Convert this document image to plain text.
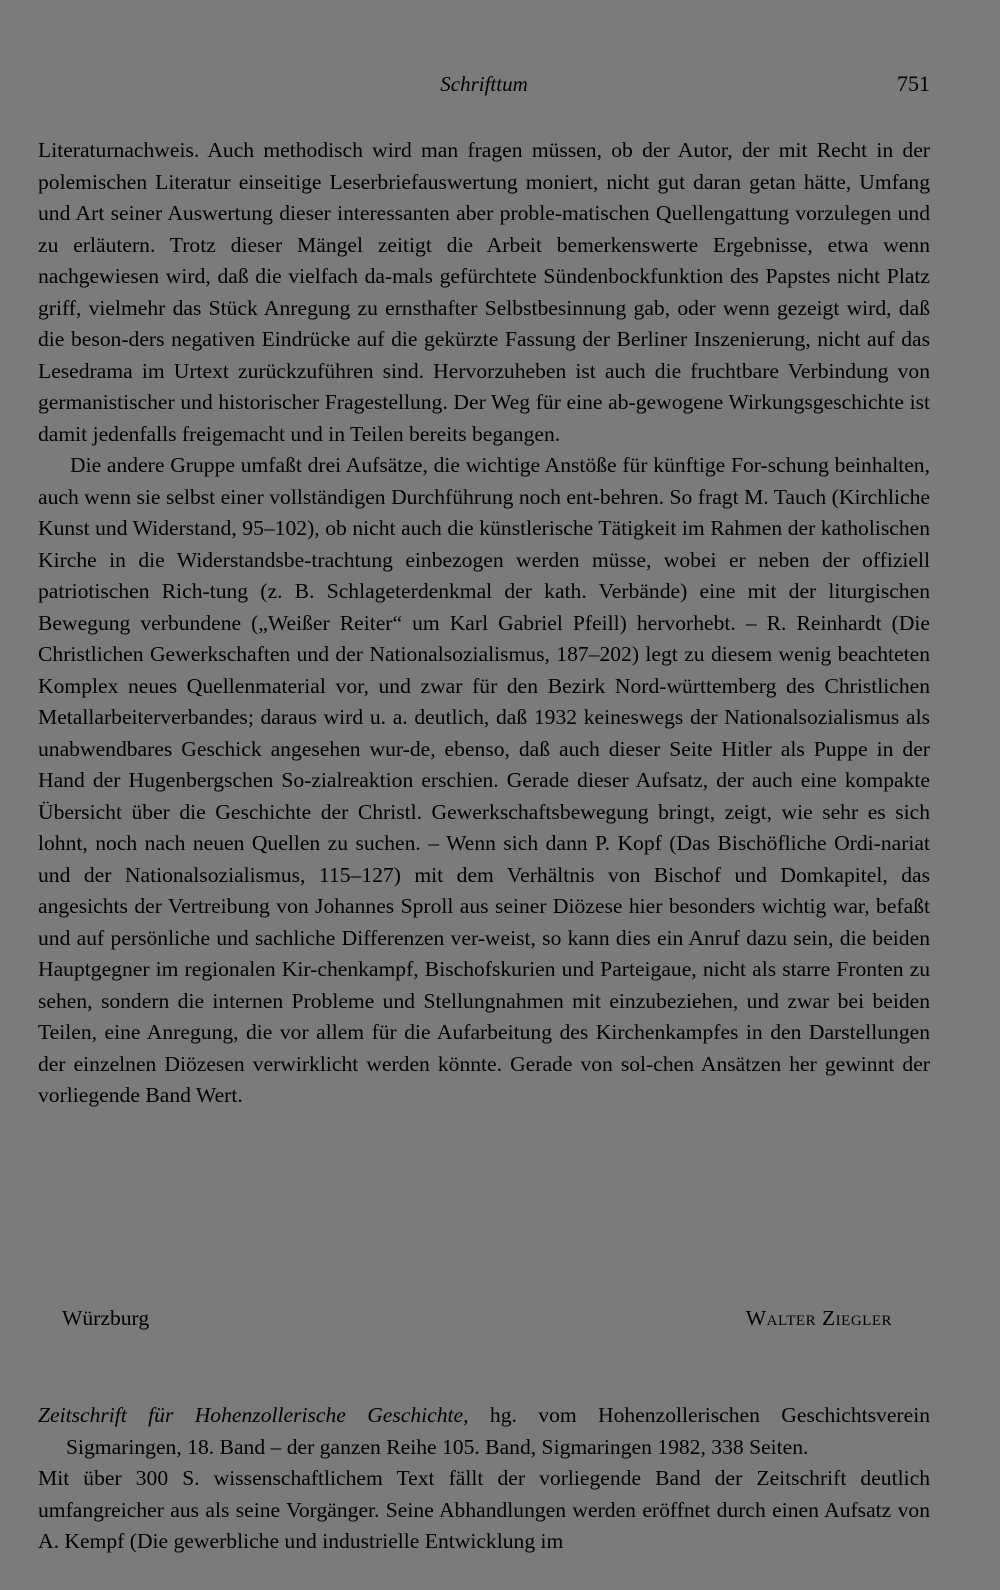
Schrifttum	751

Literaturnachweis. Auch methodisch wird man fragen müssen, ob der Autor, der mit Recht in der polemischen Literatur einseitige Leserbriefauswertung moniert, nicht gut daran getan hätte, Umfang und Art seiner Auswertung dieser interessanten aber proble-matischen Quellengattung vorzulegen und zu erläutern. Trotz dieser Mängel zeitigt die Arbeit bemerkenswerte Ergebnisse, etwa wenn nachgewiesen wird, daß die vielfach da-mals gefürchtete Sündenbockfunktion des Papstes nicht Platz griff, vielmehr das Stück Anregung zu ernsthafter Selbstbesinnung gab, oder wenn gezeigt wird, daß die beson-ders negativen Eindrücke auf die gekürzte Fassung der Berliner Inszenierung, nicht auf das Lesedrama im Urtext zurückzuführen sind. Hervorzuheben ist auch die fruchtbare Verbindung von germanistischer und historischer Fragestellung. Der Weg für eine ab-gewogene Wirkungsgeschichte ist damit jedenfalls freigemacht und in Teilen bereits begangen.

Die andere Gruppe umfaßt drei Aufsätze, die wichtige Anstöße für künftige For-schung beinhalten, auch wenn sie selbst einer vollständigen Durchführung noch ent-behren. So fragt M. Tauch (Kirchliche Kunst und Widerstand, 95–102), ob nicht auch die künstlerische Tätigkeit im Rahmen der katholischen Kirche in die Widerstandsbe-trachtung einbezogen werden müsse, wobei er neben der offiziell patriotischen Rich-tung (z. B. Schlageterdenkmal der kath. Verbände) eine mit der liturgischen Bewegung verbundene („Weißer Reiter“ um Karl Gabriel Pfeill) hervorhebt. – R. Reinhardt (Die Christlichen Gewerkschaften und der Nationalsozialismus, 187–202) legt zu diesem wenig beachteten Komplex neues Quellenmaterial vor, und zwar für den Bezirk Nord-württemberg des Christlichen Metallarbeiterverbandes; daraus wird u. a. deutlich, daß 1932 keineswegs der Nationalsozialismus als unabwendbares Geschick angesehen wur-de, ebenso, daß auch dieser Seite Hitler als Puppe in der Hand der Hugenbergschen So-zialreaktion erschien. Gerade dieser Aufsatz, der auch eine kompakte Übersicht über die Geschichte der Christl. Gewerkschaftsbewegung bringt, zeigt, wie sehr es sich lohnt, noch nach neuen Quellen zu suchen. – Wenn sich dann P. Kopf (Das Bischöfliche Ordi-nariat und der Nationalsozialismus, 115–127) mit dem Verhältnis von Bischof und Domkapitel, das angesichts der Vertreibung von Johannes Sproll aus seiner Diözese hier besonders wichtig war, befaßt und auf persönliche und sachliche Differenzen ver-weist, so kann dies ein Anruf dazu sein, die beiden Hauptgegner im regionalen Kir-chenkampf, Bischofskurien und Parteigaue, nicht als starre Fronten zu sehen, sondern die internen Probleme und Stellungnahmen mit einzubeziehen, und zwar bei beiden Teilen, eine Anregung, die vor allem für die Aufarbeitung des Kirchenkampfes in den Darstellungen der einzelnen Diözesen verwirklicht werden könnte. Gerade von sol-chen Ansätzen her gewinnt der vorliegende Band Wert.

Würzburg	Walter Ziegler

Zeitschrift für Hohenzollerische Geschichte, hg. vom Hohenzollerischen Geschichtsverein Sigmaringen, 18. Band – der ganzen Reihe 105. Band, Sigmaringen 1982, 338 Seiten.

Mit über 300 S. wissenschaftlichem Text fällt der vorliegende Band der Zeitschrift deutlich umfangreicher aus als seine Vorgänger. Seine Abhandlungen werden eröffnet durch einen Aufsatz von A. Kempf (Die gewerbliche und industrielle Entwicklung im
